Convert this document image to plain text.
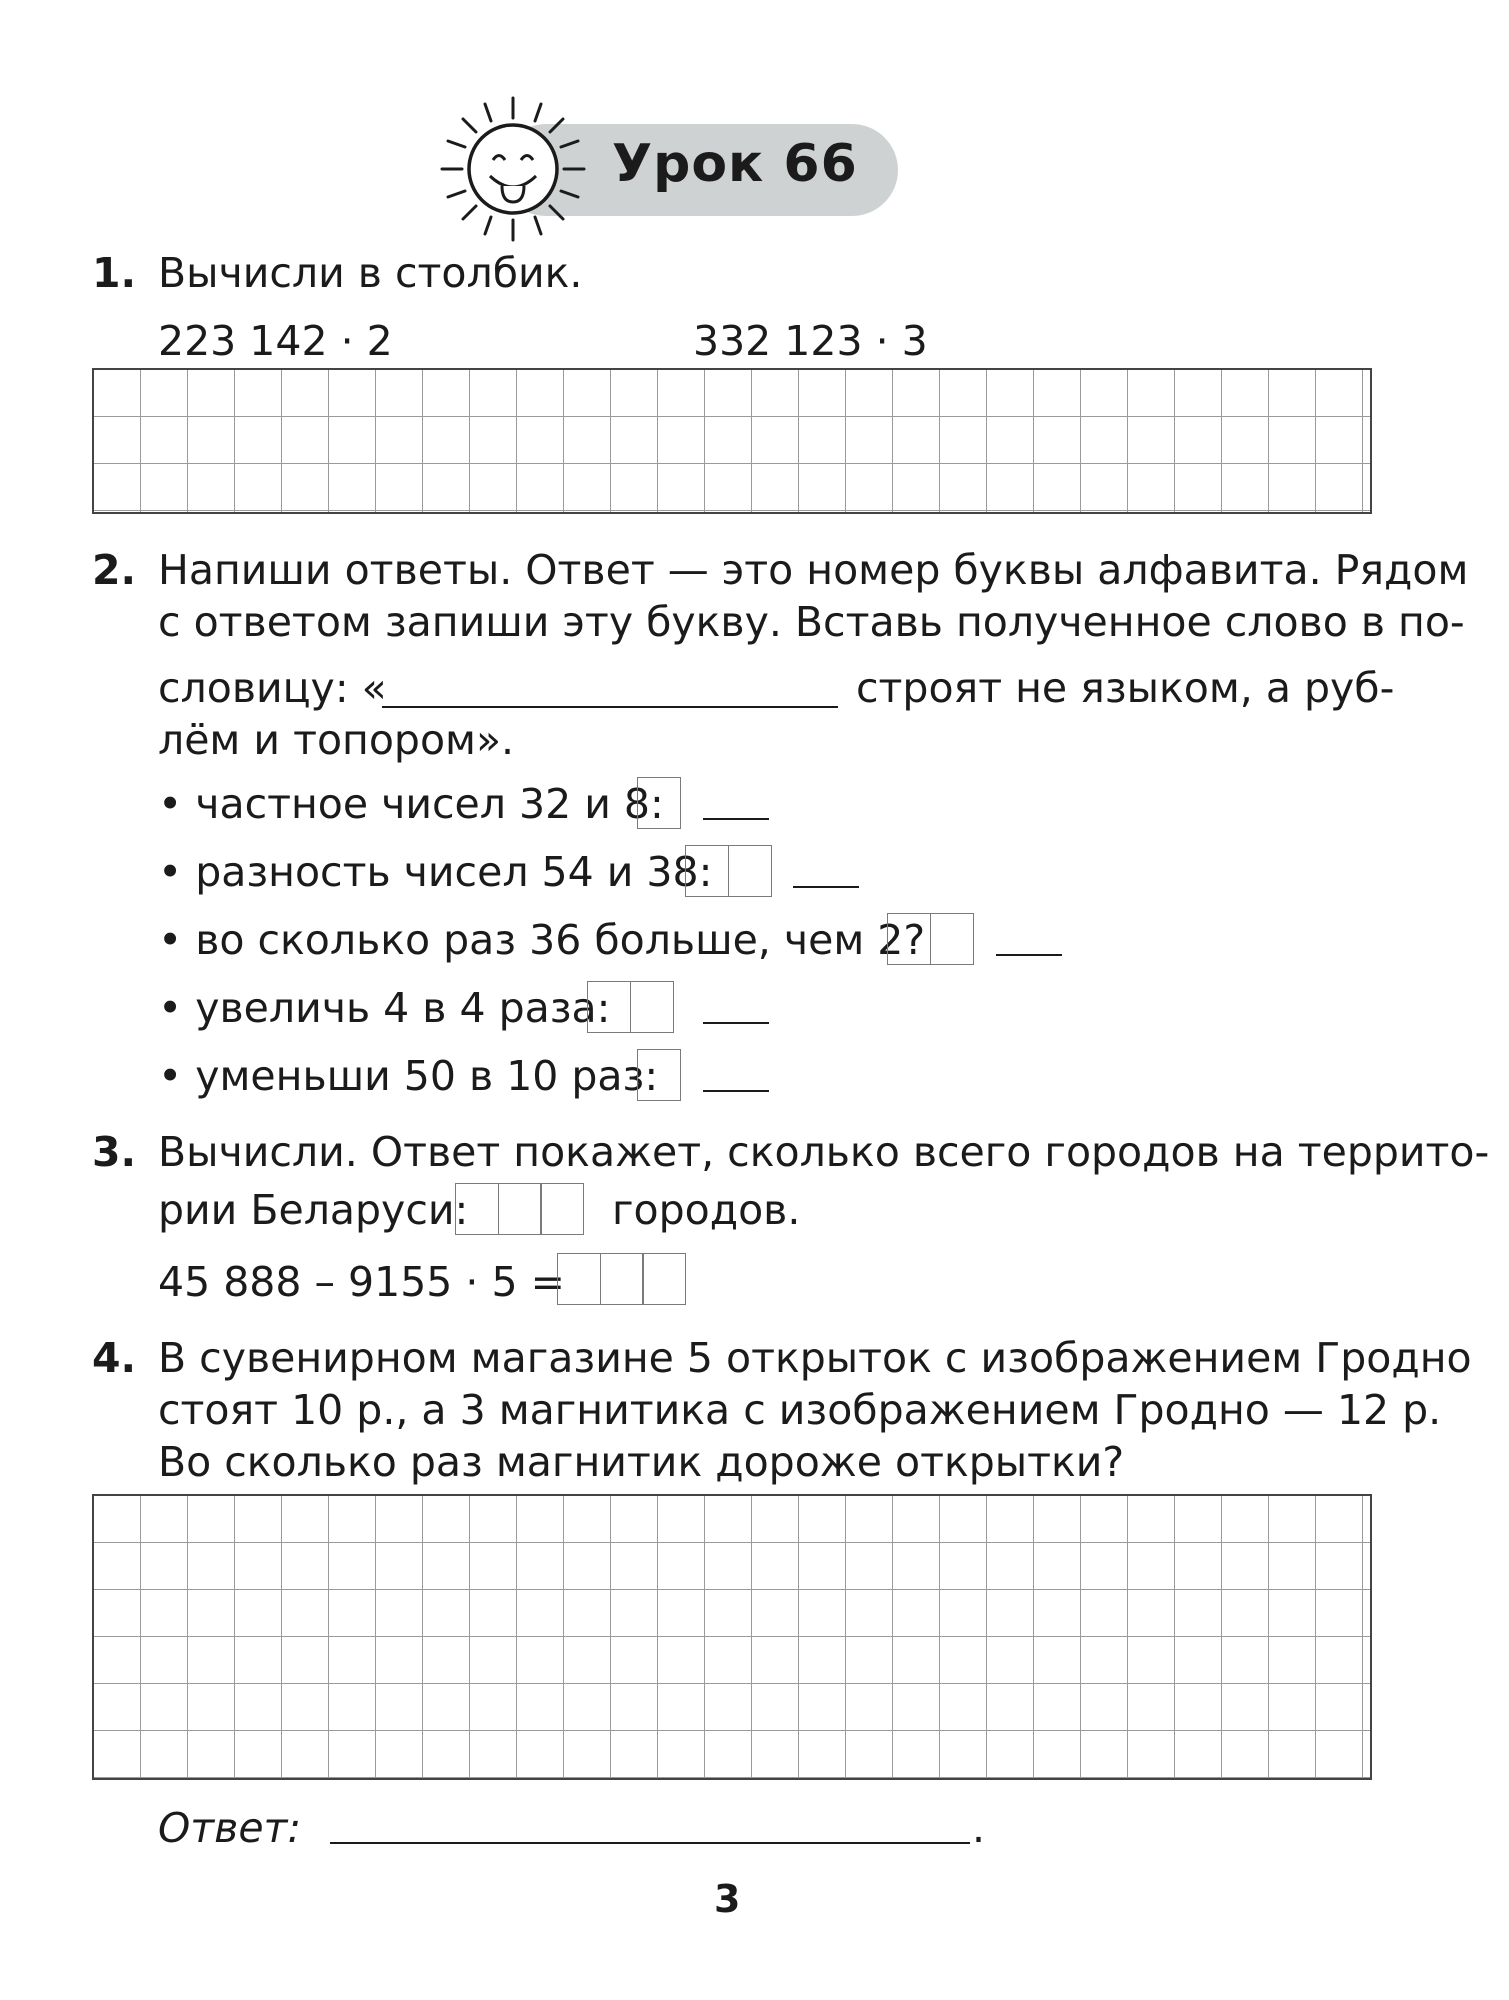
Урок 66
1. Вычисли в столбик.
223 142 · 2	332 123 · 3
2. Напиши ответы. Ответ — это номер буквы алфавита. Рядом
с ответом запиши эту букву. Вставь полученное слово в по-
словицу: «	строят не языком, а руб-
лём и топором».
• частное чисел 32 и 8:
• разность чисел 54 и 38:
• во сколько раз 36 больше, чем 2?
• увеличь 4 в 4 раза:
• уменьши 50 в 10 раз:
3. Вычисли. Ответ покажет, сколько всего городов на террито-
рии Беларуси:	городов.
45 888 – 9155 · 5 =
4. В сувенирном магазине 5 открыток с изображением Гродно
стоят 10 р., а 3 магнитика с изображением Гродно — 12 р.
Во сколько раз магнитик дороже открытки?
Ответ:	.
3
